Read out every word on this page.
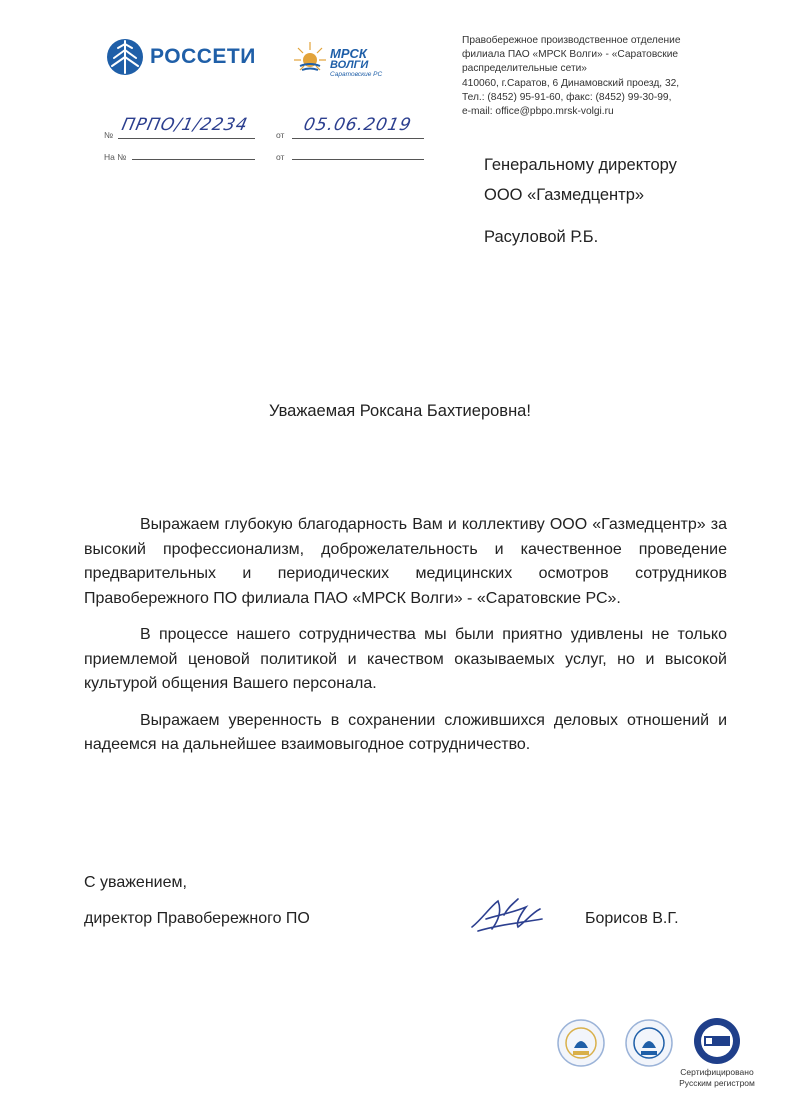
РОССЕТИ	МРСК
ВОЛГИ
Саратовские РС
Правобережное производственное отделение
филиала ПАО «МРСК Волги» - «Саратовские
распределительные сети»
410060, г.Саратов, 6 Динамовский проезд, 32,
Тел.: (8452) 95-91-60, факс: (8452) 99-30-99,
e-mail: office@pbpo.mrsk-volgi.ru
№ ПРПО/1/2234	от 05.06.2019
На №	от	Генеральному директору
ООО «Газмедцентр»
Расуловой Р.Б.
Уважаемая Роксана Бахтиеровна!

Выражаем глубокую благодарность Вам и коллективу ООО «Газмедцентр» за высокий профессионализм, доброжелательность и качественное проведение предварительных и периодических медицинских осмотров сотрудников Правобережного ПО филиала ПАО «МРСК Волги» - «Саратовские РС».

В процессе нашего сотрудничества мы были приятно удивлены не только приемлемой ценовой политикой и качеством оказываемых услуг, но и высокой культурой общения Вашего персонала.

Выражаем уверенность в сохранении сложившихся деловых отношений и надеемся на дальнейшее взаимовыгодное сотрудничество.

С уважением,
директор Правобережного ПО	Борисов В.Г.
Сертифицировано
Русским регистром
